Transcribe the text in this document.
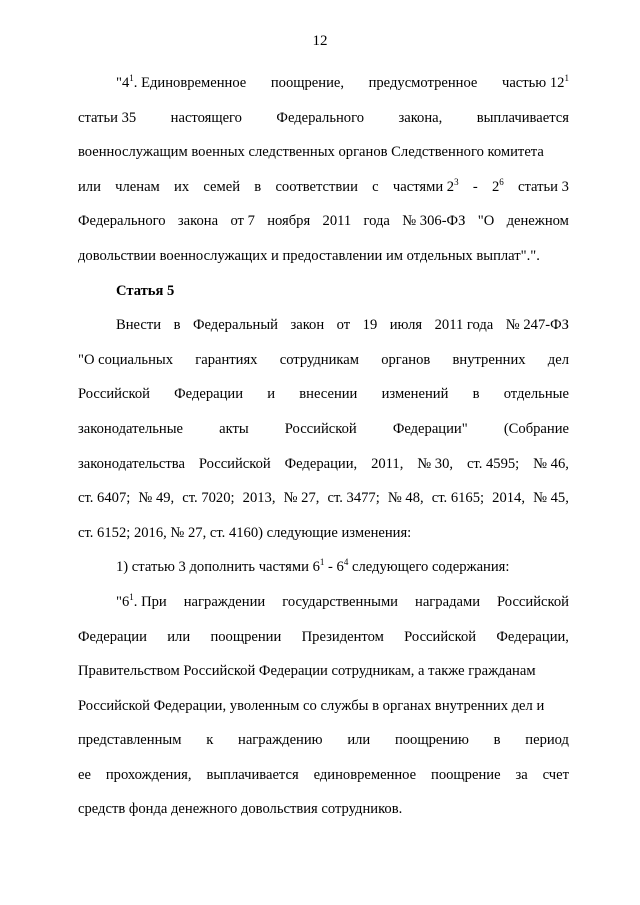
12
"$4^1$. Единовременное поощрение, предусмотренное частью $12^1$
статьи 35 настоящего Федерального закона, выплачивается
военнослужащим военных следственных органов Следственного комитета
или членам их семей в соответствии с частями $2^3 - 2^6$ статьи 3
Федерального закона от 7 ноября 2011 года № 306-ФЗ "О денежном
довольствии военнослужащих и предоставлении им отдельных выплат".".
Статья 5
Внести в Федеральный закон от 19 июля 2011 года № 247-ФЗ
"О социальных гарантиях сотрудникам органов внутренних дел
Российской Федерации и внесении изменений в отдельные
законодательные акты Российской Федерации" (Собрание
законодательства Российской Федерации, 2011, № 30, ст. 4595; № 46,
ст. 6407; № 49, ст. 7020; 2013, № 27, ст. 3477; № 48, ст. 6165; 2014, № 45,
ст. 6152; 2016, № 27, ст. 4160) следующие изменения:
1) статью 3 дополнить частями $6^1 - 6^4$ следующего содержания:
"$6^1$. При награждении государственными наградами Российской
Федерации или поощрении Президентом Российской Федерации,
Правительством Российской Федерации сотрудникам, а также гражданам
Российской Федерации, уволенным со службы в органах внутренних дел и
представленным к награждению или поощрению в период
ее прохождения, выплачивается единовременное поощрение за счет
средств фонда денежного довольствия сотрудников.
